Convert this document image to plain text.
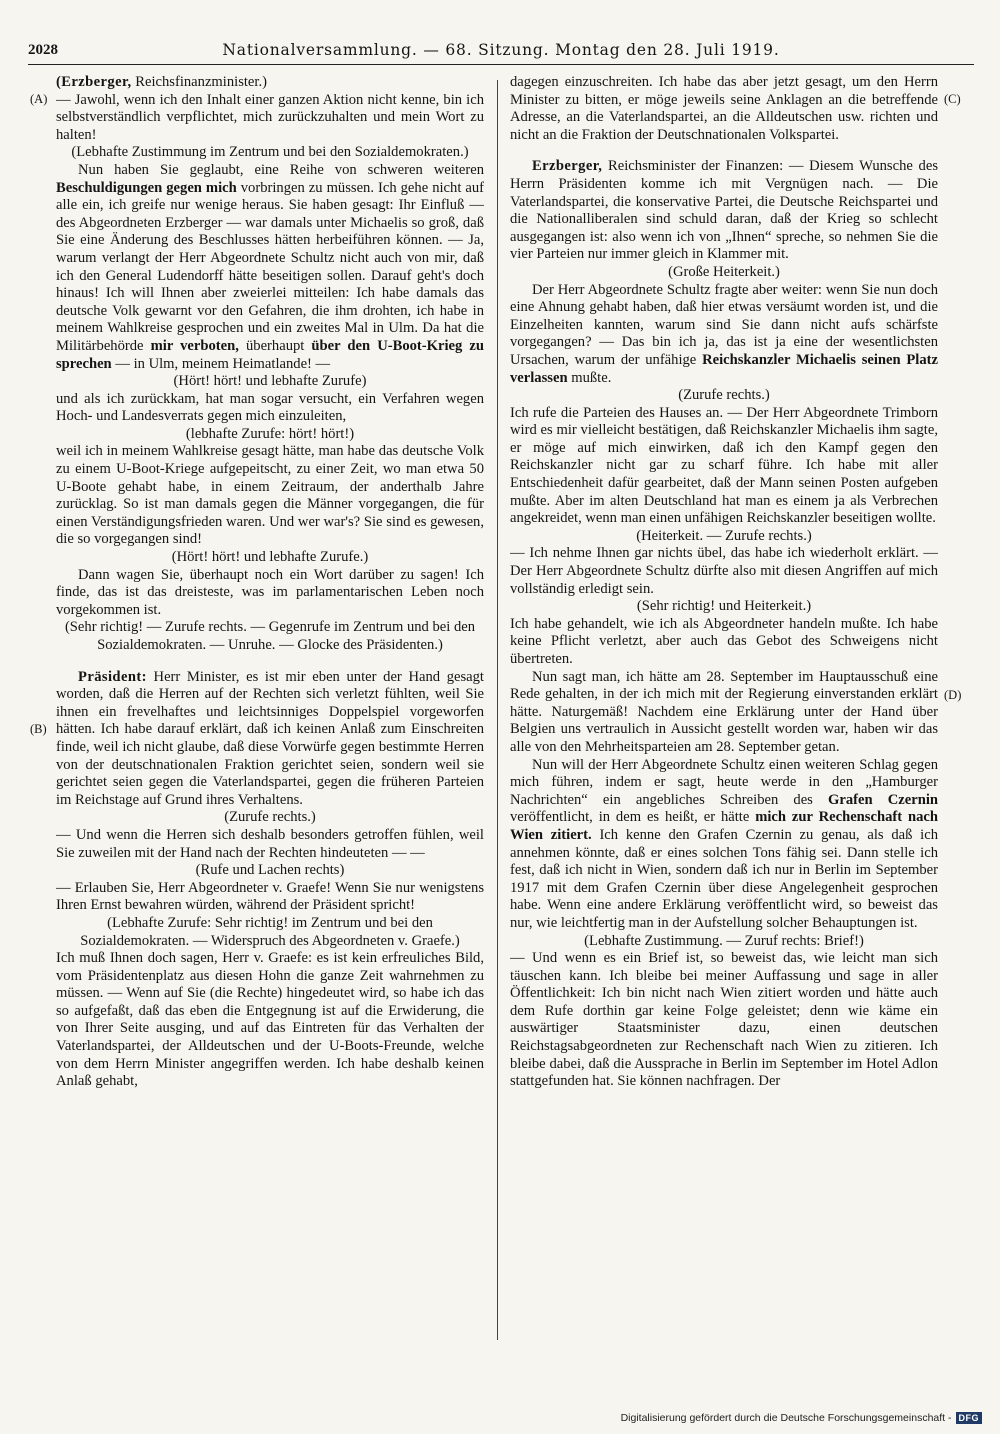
2028	Nationalversammlung. — 68. Sitzung. Montag den 28. Juli 1919.
(A)
(B)
(C)
(D)

(Erzberger, Reichsfinanzminister.)

— Jawohl, wenn ich den Inhalt einer ganzen Aktion nicht kenne, bin ich selbstverständlich verpflichtet, mich zurückzuhalten und mein Wort zu halten!

(Lebhafte Zustimmung im Zentrum und bei den Sozialdemokraten.)

Nun haben Sie geglaubt, eine Reihe von schweren weiteren Beschuldigungen gegen mich vorbringen zu müssen. Ich gehe nicht auf alle ein, ich greife nur wenige heraus. Sie haben gesagt: Ihr Einfluß — des Abgeordneten Erzberger — war damals unter Michaelis so groß, daß Sie eine Änderung des Beschlusses hätten herbeiführen können. — Ja, warum verlangt der Herr Abgeordnete Schultz nicht auch von mir, daß ich den General Ludendorff hätte beseitigen sollen. Darauf geht's doch hinaus! Ich will Ihnen aber zweierlei mitteilen: Ich habe damals das deutsche Volk gewarnt vor den Gefahren, die ihm drohten, ich habe in meinem Wahlkreise gesprochen und ein zweites Mal in Ulm. Da hat die Militärbehörde mir verboten, überhaupt über den U-Boot-Krieg zu sprechen — in Ulm, meinem Heimatlande! —

(Hört! hört! und lebhafte Zurufe)

und als ich zurückkam, hat man sogar versucht, ein Verfahren wegen Hoch- und Landesverrats gegen mich einzuleiten,

(lebhafte Zurufe: hört! hört!)

weil ich in meinem Wahlkreise gesagt hätte, man habe das deutsche Volk zu einem U-Boot-Kriege aufgepeitscht, zu einer Zeit, wo man etwa 50 U-Boote gehabt habe, in einem Zeitraum, der anderthalb Jahre zurücklag. So ist man damals gegen die Männer vorgegangen, die für einen Verständigungsfrieden waren. Und wer war's? Sie sind es gewesen, die so vorgegangen sind!

(Hört! hört! und lebhafte Zurufe.)

Dann wagen Sie, überhaupt noch ein Wort darüber zu sagen! Ich finde, das ist das dreisteste, was im parlamentarischen Leben noch vorgekommen ist.

(Sehr richtig! — Zurufe rechts. — Gegenrufe im Zentrum und bei den Sozialdemokraten. — Unruhe. — Glocke des Präsidenten.)

Präsident: Herr Minister, es ist mir eben unter der Hand gesagt worden, daß die Herren auf der Rechten sich verletzt fühlten, weil Sie ihnen ein frevelhaftes und leichtsinniges Doppelspiel vorgeworfen hätten. Ich habe darauf erklärt, daß ich keinen Anlaß zum Einschreiten finde, weil ich nicht glaube, daß diese Vorwürfe gegen bestimmte Herren von der deutschnationalen Fraktion gerichtet seien, sondern weil sie gerichtet seien gegen die Vaterlandspartei, gegen die früheren Parteien im Reichstage auf Grund ihres Verhaltens.

(Zurufe rechts.)

— Und wenn die Herren sich deshalb besonders getroffen fühlen, weil Sie zuweilen mit der Hand nach der Rechten hindeuteten — —

(Rufe und Lachen rechts)

— Erlauben Sie, Herr Abgeordneter v. Graefe! Wenn Sie nur wenigstens Ihren Ernst bewahren würden, während der Präsident spricht!

(Lebhafte Zurufe: Sehr richtig! im Zentrum und bei den Sozialdemokraten. — Widerspruch des Abgeordneten v. Graefe.)

Ich muß Ihnen doch sagen, Herr v. Graefe: es ist kein erfreuliches Bild, vom Präsidentenplatz aus diesen Hohn die ganze Zeit wahrnehmen zu müssen. — Wenn auf Sie (die Rechte) hingedeutet wird, so habe ich das so aufgefaßt, daß das eben die Entgegnung ist auf die Erwiderung, die von Ihrer Seite ausging, und auf das Eintreten für das Verhalten der Vaterlandspartei, der Alldeutschen und der U-Boots-Freunde, welche von dem Herrn Minister angegriffen werden. Ich habe deshalb keinen Anlaß gehabt,

dagegen einzuschreiten. Ich habe das aber jetzt gesagt, um den Herrn Minister zu bitten, er möge jeweils seine Anklagen an die betreffende Adresse, an die Vaterlandspartei, an die Alldeutschen usw. richten und nicht an die Fraktion der Deutschnationalen Volkspartei.

Erzberger, Reichsminister der Finanzen: — Diesem Wunsche des Herrn Präsidenten komme ich mit Vergnügen nach. — Die Vaterlandspartei, die konservative Partei, die Deutsche Reichspartei und die Nationalliberalen sind schuld daran, daß der Krieg so schlecht ausgegangen ist: also wenn ich von „Ihnen“ spreche, so nehmen Sie die vier Parteien nur immer gleich in Klammer mit.

(Große Heiterkeit.)

Der Herr Abgeordnete Schultz fragte aber weiter: wenn Sie nun doch eine Ahnung gehabt haben, daß hier etwas versäumt worden ist, und die Einzelheiten kannten, warum sind Sie dann nicht aufs schärfste vorgegangen? — Das bin ich ja, das ist ja eine der wesentlichsten Ursachen, warum der unfähige Reichskanzler Michaelis seinen Platz verlassen mußte.

(Zurufe rechts.)

Ich rufe die Parteien des Hauses an. — Der Herr Abgeordnete Trimborn wird es mir vielleicht bestätigen, daß Reichskanzler Michaelis ihm sagte, er möge auf mich einwirken, daß ich den Kampf gegen den Reichskanzler nicht gar zu scharf führe. Ich habe mit aller Entschiedenheit dafür gearbeitet, daß der Mann seinen Posten aufgeben mußte. Aber im alten Deutschland hat man es einem ja als Verbrechen angekreidet, wenn man einen unfähigen Reichskanzler beseitigen wollte.

(Heiterkeit. — Zurufe rechts.)

— Ich nehme Ihnen gar nichts übel, das habe ich wiederholt erklärt. — Der Herr Abgeordnete Schultz dürfte also mit diesen Angriffen auf mich vollständig erledigt sein.

(Sehr richtig! und Heiterkeit.)

Ich habe gehandelt, wie ich als Abgeordneter handeln mußte. Ich habe keine Pflicht verletzt, aber auch das Gebot des Schweigens nicht übertreten.

Nun sagt man, ich hätte am 28. September im Hauptausschuß eine Rede gehalten, in der ich mich mit der Regierung einverstanden erklärt hätte. Naturgemäß! Nachdem eine Erklärung unter der Hand über Belgien uns vertraulich in Aussicht gestellt worden war, haben wir das alle von den Mehrheitsparteien am 28. September getan.

Nun will der Herr Abgeordnete Schultz einen weiteren Schlag gegen mich führen, indem er sagt, heute werde in den „Hamburger Nachrichten“ ein angebliches Schreiben des Grafen Czernin veröffentlicht, in dem es heißt, er hätte mich zur Rechenschaft nach Wien zitiert. Ich kenne den Grafen Czernin zu genau, als daß ich annehmen könnte, daß er eines solchen Tons fähig sei. Dann stelle ich fest, daß ich nicht in Wien, sondern daß ich nur in Berlin im September 1917 mit dem Grafen Czernin über diese Angelegenheit gesprochen habe. Wenn eine andere Erklärung veröffentlicht wird, so beweist das nur, wie leichtfertig man in der Aufstellung solcher Behauptungen ist.

(Lebhafte Zustimmung. — Zuruf rechts: Brief!)

— Und wenn es ein Brief ist, so beweist das, wie leicht man sich täuschen kann. Ich bleibe bei meiner Auffassung und sage in aller Öffentlichkeit: Ich bin nicht nach Wien zitiert worden und hätte auch dem Rufe dorthin gar keine Folge geleistet; denn wie käme ein auswärtiger Staatsminister dazu, einen deutschen Reichstagsabgeordneten zur Rechenschaft nach Wien zu zitieren. Ich bleibe dabei, daß die Aussprache in Berlin im September im Hotel Adlon stattgefunden hat. Sie können nachfragen. Der

Digitalisierung gefördert durch die Deutsche Forschungsgemeinschaft - DFG
